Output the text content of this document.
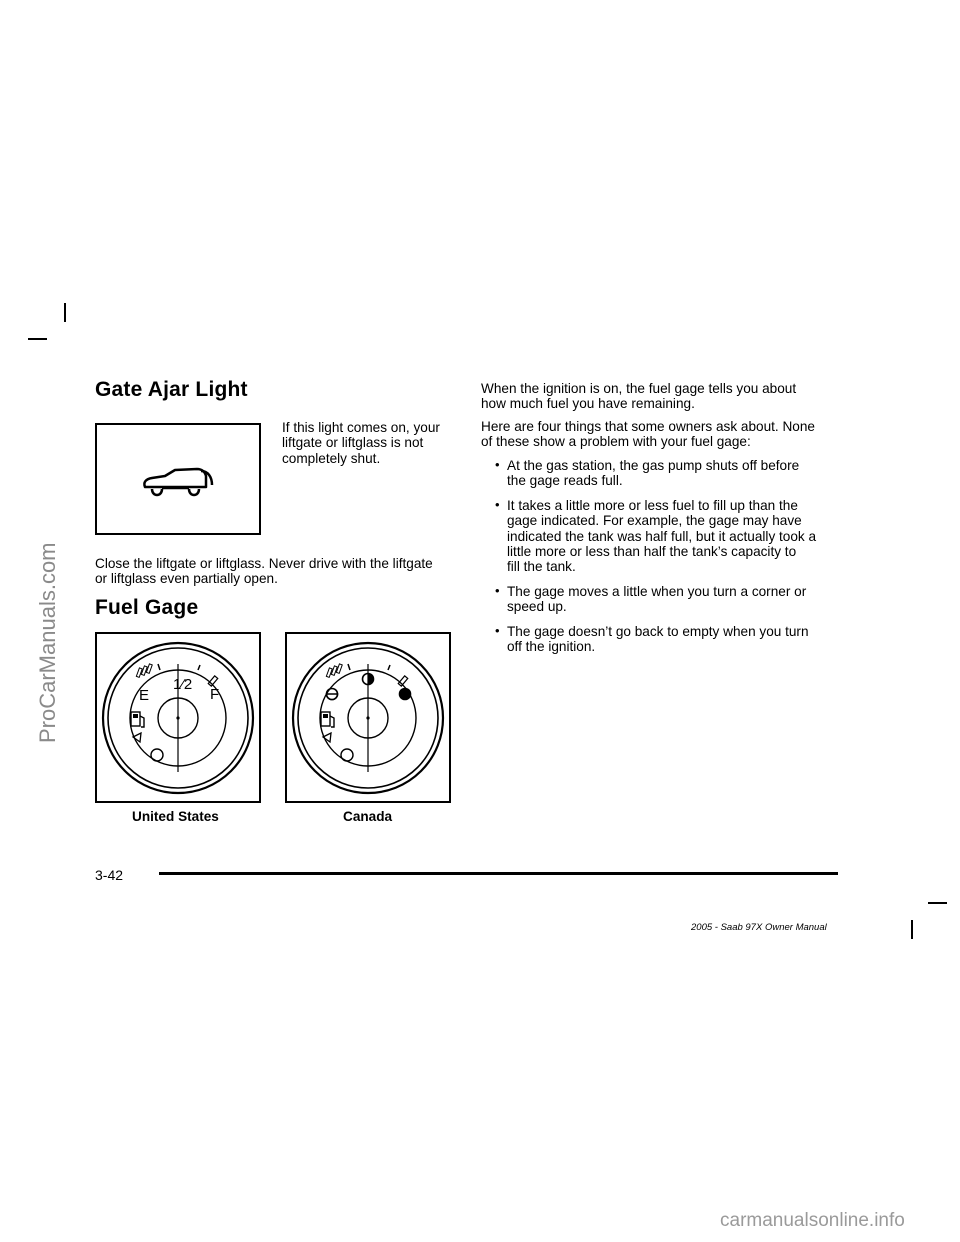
ProCarManuals.com
Gate Ajar Light

If this light comes on, your
liftgate or liftglass is not
completely shut.

Close the liftgate or liftglass. Never drive with the liftgate
or liftglass even partially open.

Fuel Gage
E
1⁄2
F
United States	Canada

When the ignition is on, the fuel gage tells you about
how much fuel you have remaining.

Here are four things that some owners ask about. None
of these show a problem with your fuel gage:

• At the gas station, the gas pump shuts off before
the gage reads full.
• It takes a little more or less fuel to fill up than the
gage indicated. For example, the gage may have
indicated the tank was half full, but it actually took a
little more or less than half the tank’s capacity to
fill the tank.
• The gage moves a little when you turn a corner or
speed up.
• The gage doesn’t go back to empty when you turn
off the ignition.
3-42
2005 - Saab 97X Owner Manual
carmanualsonline.info
